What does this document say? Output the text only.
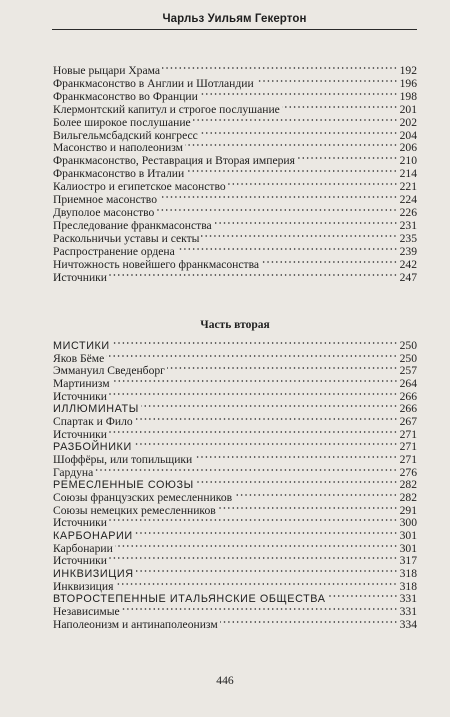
Чарльз Уильям Гекертон
Новые рыцари Храма	192
Франкмасонство в Англии и Шотландии	196
Франкмасонство во Франции	198
Клермонтский капитул и строгое послушание	201
Более широкое послушание	202
Вильгельмсбадский конгресс	204
Масонство и наполеонизм	206
Франкмасонство, Реставрация и Вторая империя	210
Франкмасонство в Италии	214
Калиостро и египетское масонство	221
Приемное масонство	224
Двуполое масонство	226
Преследование франкмасонства	231
Раскольничьи уставы и секты	235
Распространение ордена	239
Ничтожность новейшего франкмасонства	242
Источники	247
Часть вторая
МИСТИКИ	250
Яков Бёме	250
Эммануил Сведенборг	257
Мартинизм	264
Источники	266
ИЛЛЮМИНАТЫ	266
Спартак и Фило	267
Источники	271
РАЗБОЙНИКИ	271
Шоффёры, или топильщики	271
Гардуна	276
РЕМЕСЛЕННЫЕ СОЮЗЫ	282
Союзы французских ремесленников	282
Союзы немецких ремесленников	291
Источники	300
КАРБОНАРИИ	301
Карбонарии	301
Источники	317
ИНКВИЗИЦИЯ	318
Инквизиция	318
ВТОРОСТЕПЕННЫЕ ИТАЛЬЯНСКИЕ ОБЩЕСТВА	331
Независимые	331
Наполеонизм и антинаполеонизм	334
446
